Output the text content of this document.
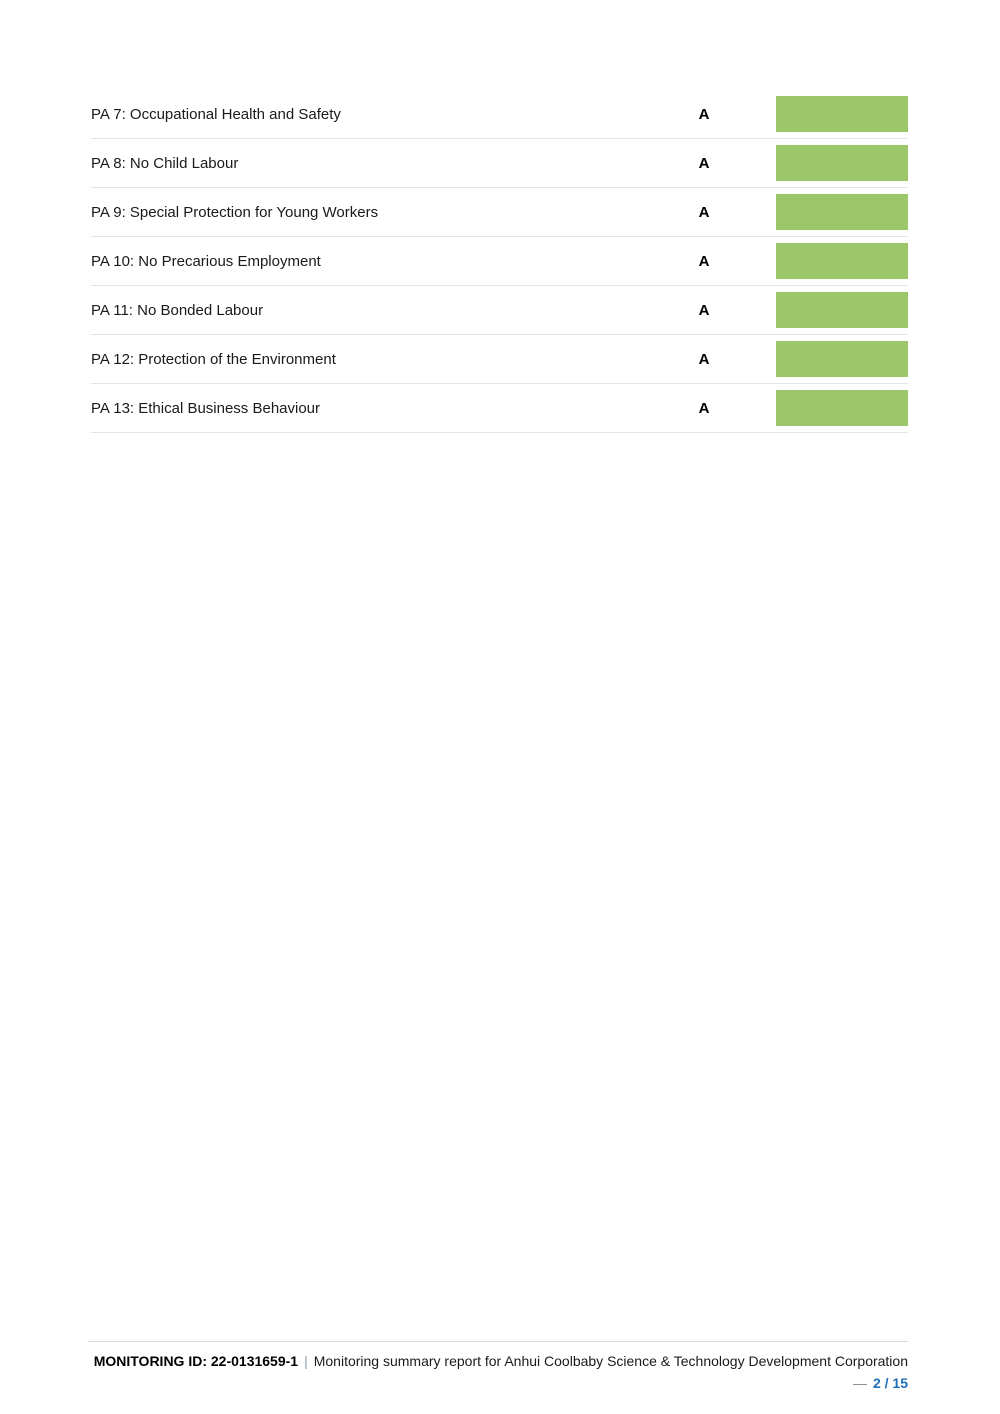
PA 7: Occupational Health and Safety	A
PA 8: No Child Labour	A
PA 9: Special Protection for Young Workers	A
PA 10: No Precarious Employment	A
PA 11: No Bonded Labour	A
PA 12: Protection of the Environment	A
PA 13: Ethical Business Behaviour	A
MONITORING ID: 22-0131659-1 | Monitoring summary report for Anhui Coolbaby Science & Technology Development Corporation— 2 / 15
